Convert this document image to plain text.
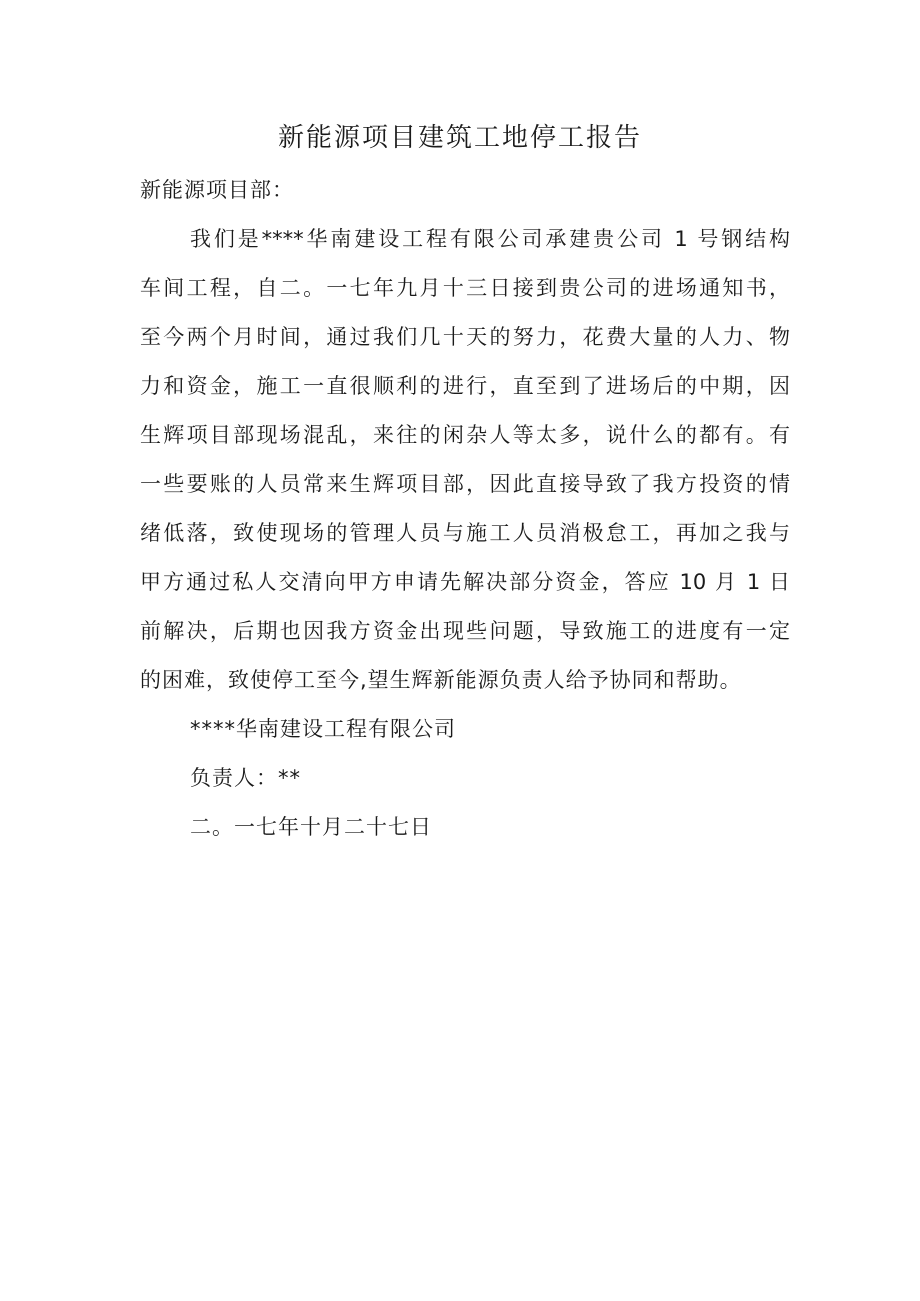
新能源项目建筑工地停工报告
新能源项目部：
我们是****华南建设工程有限公司承建贵公司 1 号钢结构
车间工程，自二。一七年九月十三日接到贵公司的进场通知书，
至今两个月时间，通过我们几十天的努力，花费大量的人力、物
力和资金，施工一直很顺利的进行，直至到了进场后的中期，因
生辉项目部现场混乱，来往的闲杂人等太多，说什么的都有。有
一些要账的人员常来生辉项目部，因此直接导致了我方投资的情
绪低落，致使现场的管理人员与施工人员消极怠工，再加之我与
甲方通过私人交清向甲方申请先解决部分资金，答应 10 月 1 日
前解决，后期也因我方资金出现些问题，导致施工的进度有一定
的困难，致使停工至今,望生辉新能源负责人给予协同和帮助。
****华南建设工程有限公司
负责人：**
二。一七年十月二十七日
